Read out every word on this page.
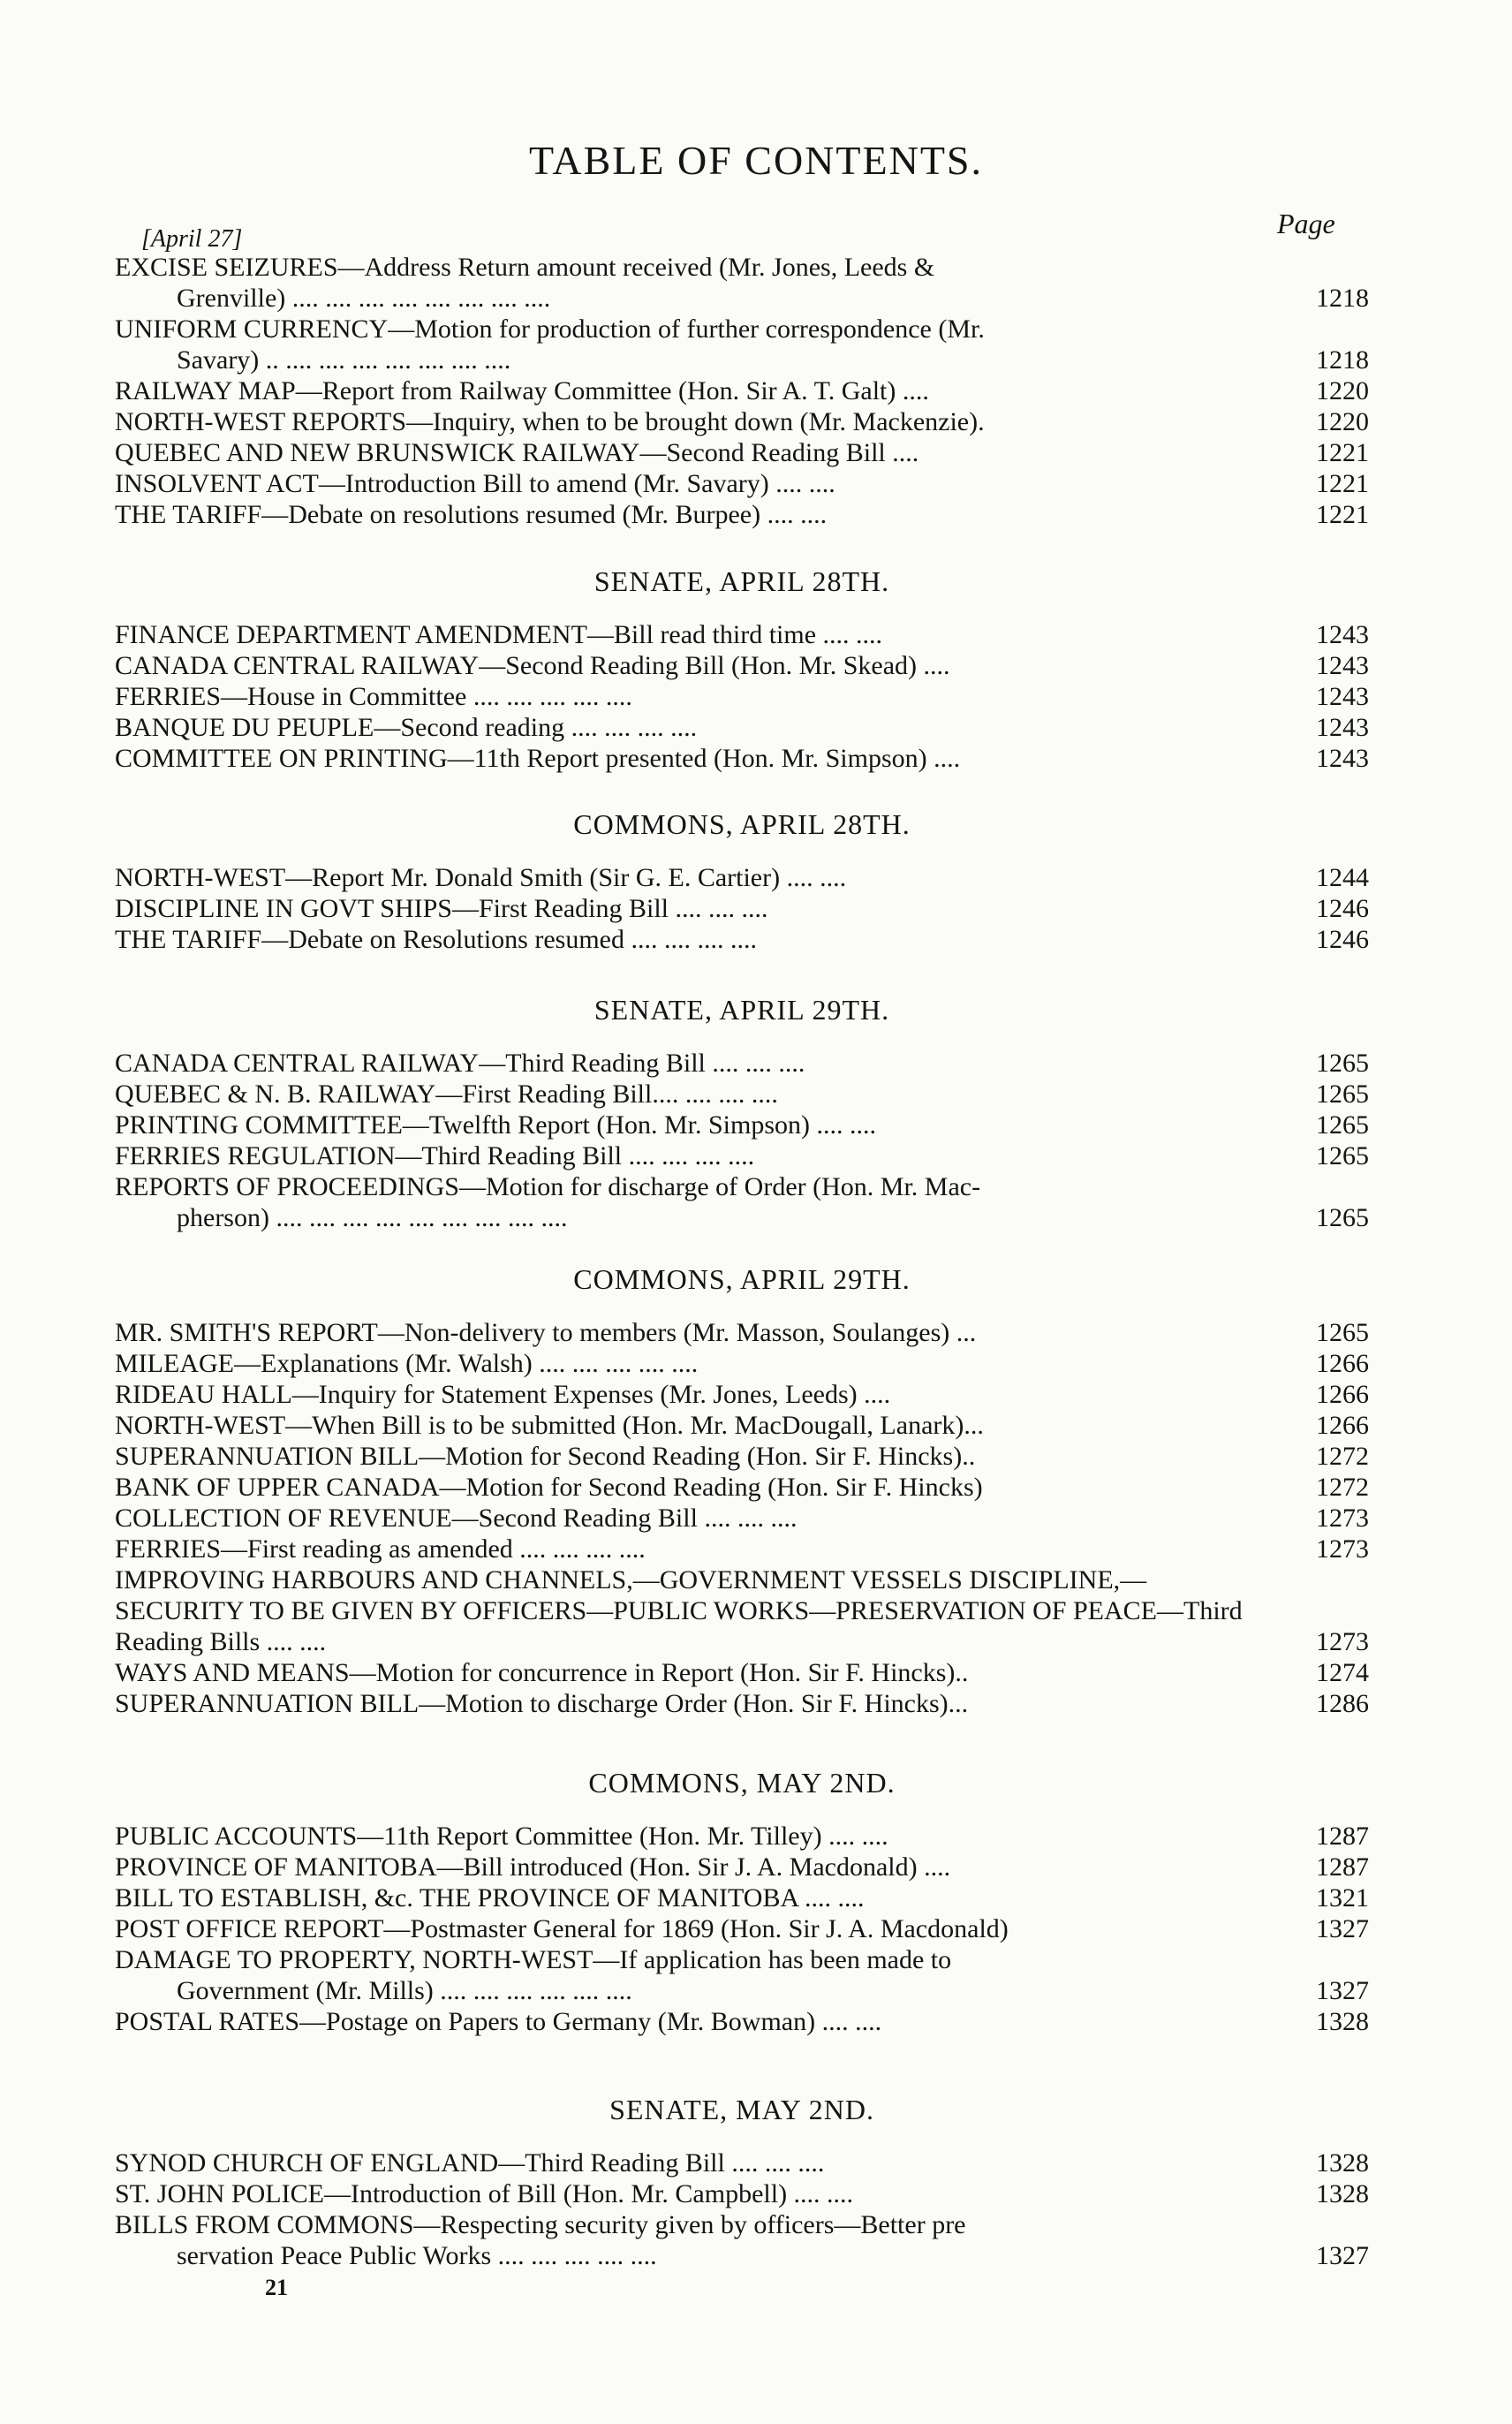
TABLE OF CONTENTS.
Page
[April 27]
EXCISE SEIZURES—Address Return amount received (Mr. Jones, Leeds &
Grenville) .... .... .... .... .... .... .... ....	1218
UNIFORM CURRENCY—Motion for production of further correspondence (Mr.
Savary) .. .... .... .... .... .... .... ....	1218
RAILWAY MAP—Report from Railway Committee (Hon. Sir A. T. Galt) ....	1220
NORTH-WEST REPORTS—Inquiry, when to be brought down (Mr. Mackenzie).	1220
QUEBEC AND NEW BRUNSWICK RAILWAY—Second Reading Bill ....	1221
INSOLVENT ACT—Introduction Bill to amend (Mr. Savary) .... ....	1221
THE TARIFF—Debate on resolutions resumed (Mr. Burpee) .... ....	1221
SENATE, APRIL 28TH.
FINANCE DEPARTMENT AMENDMENT—Bill read third time .... ....	1243
CANADA CENTRAL RAILWAY—Second Reading Bill (Hon. Mr. Skead) ....	1243
FERRIES—House in Committee .... .... .... .... ....	1243
BANQUE DU PEUPLE—Second reading .... .... .... ....	1243
COMMITTEE ON PRINTING—11th Report presented (Hon. Mr. Simpson) ....	1243
COMMONS, APRIL 28TH.
NORTH-WEST—Report Mr. Donald Smith (Sir G. E. Cartier) .... ....	1244
DISCIPLINE IN GOVT SHIPS—First Reading Bill .... .... ....	1246
THE TARIFF—Debate on Resolutions resumed .... .... .... ....	1246
SENATE, APRIL 29TH.
CANADA CENTRAL RAILWAY—Third Reading Bill .... .... ....	1265
QUEBEC & N. B. RAILWAY—First Reading Bill.... .... .... ....	1265
PRINTING COMMITTEE—Twelfth Report (Hon. Mr. Simpson) .... ....	1265
FERRIES REGULATION—Third Reading Bill .... .... .... ....	1265
REPORTS OF PROCEEDINGS—Motion for discharge of Order (Hon. Mr. Mac-
pherson) .... .... .... .... .... .... .... .... ....	1265
COMMONS, APRIL 29TH.
MR. SMITH'S REPORT—Non-delivery to members (Mr. Masson, Soulanges) ...	1265
MILEAGE—Explanations (Mr. Walsh) .... .... .... .... ....	1266
RIDEAU HALL—Inquiry for Statement Expenses (Mr. Jones, Leeds) ....	1266
NORTH-WEST—When Bill is to be submitted (Hon. Mr. MacDougall, Lanark)...	1266
SUPERANNUATION BILL—Motion for Second Reading (Hon. Sir F. Hincks)..	1272
BANK OF UPPER CANADA—Motion for Second Reading (Hon. Sir F. Hincks)	1272
COLLECTION OF REVENUE—Second Reading Bill .... .... ....	1273
FERRIES—First reading as amended .... .... .... ....	1273
IMPROVING HARBOURS AND CHANNELS,—GOVERNMENT VESSELS DISCIPLINE,—SECURITY TO BE GIVEN BY OFFICERS—PUBLIC WORKS—PRESERVATION OF PEACE—Third Reading Bills .... ....	1273
WAYS AND MEANS—Motion for concurrence in Report (Hon. Sir F. Hincks)..	1274
SUPERANNUATION BILL—Motion to discharge Order (Hon. Sir F. Hincks)...	1286
COMMONS, MAY 2ND.
PUBLIC ACCOUNTS—11th Report Committee (Hon. Mr. Tilley) .... ....	1287
PROVINCE OF MANITOBA—Bill introduced (Hon. Sir J. A. Macdonald) ....	1287
BILL TO ESTABLISH, &c. THE PROVINCE OF MANITOBA .... ....	1321
POST OFFICE REPORT—Postmaster General for 1869 (Hon. Sir J. A. Macdonald)	1327
DAMAGE TO PROPERTY, NORTH-WEST—If application has been made to
Government (Mr. Mills) .... .... .... .... .... ....	1327
POSTAL RATES—Postage on Papers to Germany (Mr. Bowman) .... ....	1328
SENATE, MAY 2ND.
SYNOD CHURCH OF ENGLAND—Third Reading Bill .... .... ....	1328
ST. JOHN POLICE—Introduction of Bill (Hon. Mr. Campbell) .... ....	1328
BILLS FROM COMMONS—Respecting security given by officers—Better pre
servation Peace Public Works .... .... .... .... ....	1327
21
